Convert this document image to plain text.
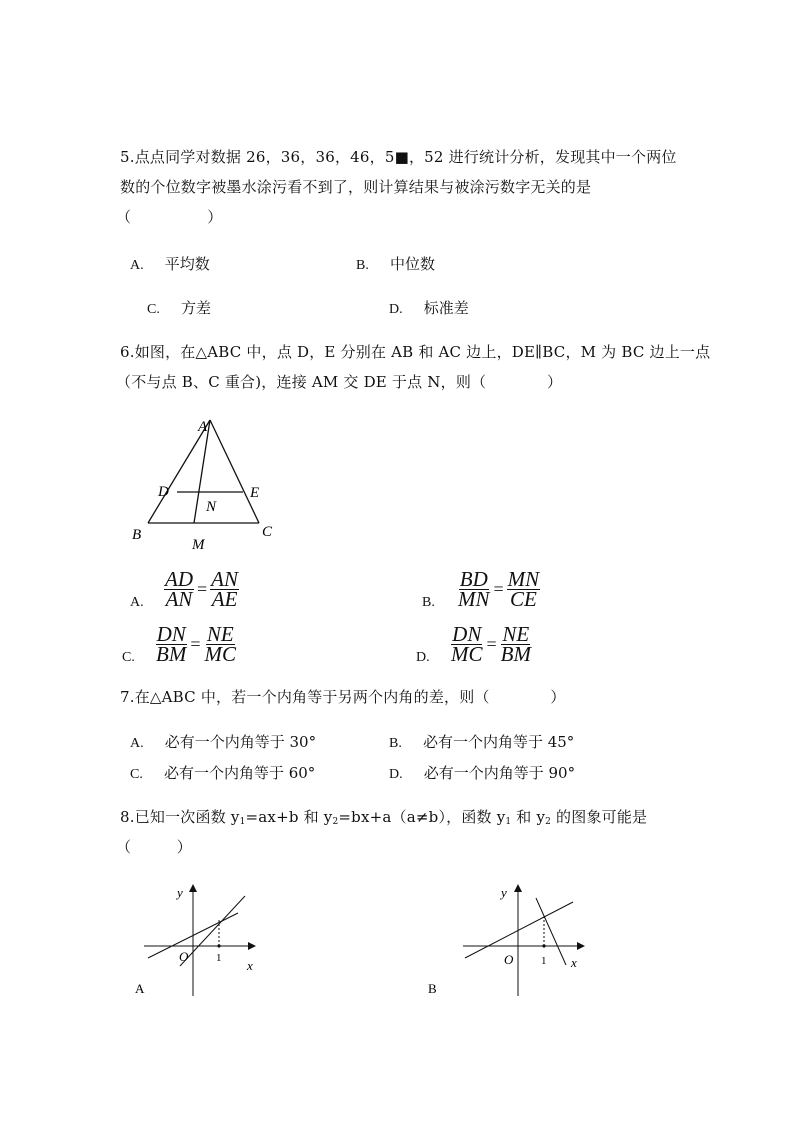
5.点点同学对数据 26，36，36，46，5■，52 进行统计分析，发现其中一个两位
数的个位数字被墨水涂污看不到了，则计算结果与被涂污数字无关的是
（　　　　　）
A. 平均数	B. 中位数
C. 方差	D. 标准差
6.如图，在△ABC 中，点 D，E 分别在 AB 和 AC 边上，DE∥BC，M 为 BC 边上一点
（不与点 B、C 重合)，连接 AM 交 DE 于点 N，则（　　　　）
A
B	C
D	E
M
N
A. $\frac{AD}{AN} = \frac{AN}{AE}$	B. $\frac{BD}{MN} = \frac{MN}{CE}$
C. $\frac{DN}{BM} = \frac{NE}{MC}$	D. $\frac{DN}{MC} = \frac{NE}{BM}$
7.在△ABC 中，若一个内角等于另两个内角的差，则（　　　　）
A. 必有一个内角等于 30°	B. 必有一个内角等于 45°
C. 必有一个内角等于 60°	D. 必有一个内角等于 90°
8.已知一次函数 $y_1=ax+b$ 和 $y_2=bx+a(a\ne b)$，函数 $y_1$ 和 $y_2$ 的图象可能是
（　　　）
y
x
O	1
A
y
x
O	1
B
